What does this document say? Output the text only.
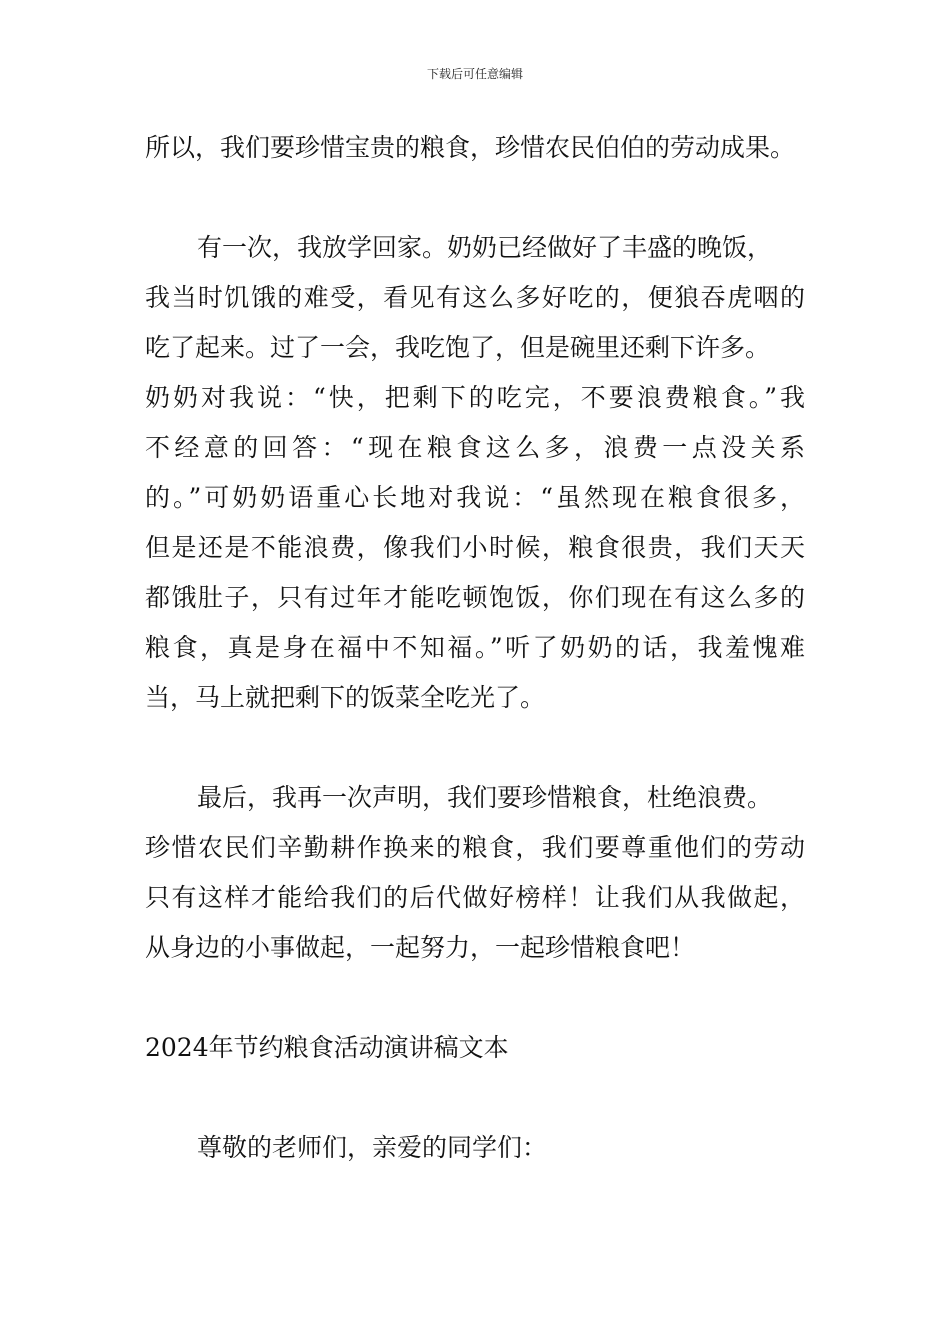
下载后可任意编辑
所以，我们要珍惜宝贵的粮食，珍惜农民伯伯的劳动成果。
有一次，我放学回家。奶奶已经做好了丰盛的晚饭，
我当时饥饿的难受，看见有这么多好吃的，便狼吞虎咽的
吃了起来。过了一会，我吃饱了，但是碗里还剩下许多。
奶奶对我说：“快，把剩下的吃完，不要浪费粮食。”我
不经意的回答：“现在粮食这么多，浪费一点没关系
的。”可奶奶语重心长地对我说：“虽然现在粮食很多，
但是还是不能浪费，像我们小时候，粮食很贵，我们天天
都饿肚子，只有过年才能吃顿饱饭，你们现在有这么多的
粮食，真是身在福中不知福。”听了奶奶的话，我羞愧难
当，马上就把剩下的饭菜全吃光了。
最后，我再一次声明，我们要珍惜粮食，杜绝浪费。
珍惜农民们辛勤耕作换来的粮食，我们要尊重他们的劳动
只有这样才能给我们的后代做好榜样！让我们从我做起，
从身边的小事做起，一起努力，一起珍惜粮食吧！
2024年节约粮食活动演讲稿文本
尊敬的老师们，亲爱的同学们：
